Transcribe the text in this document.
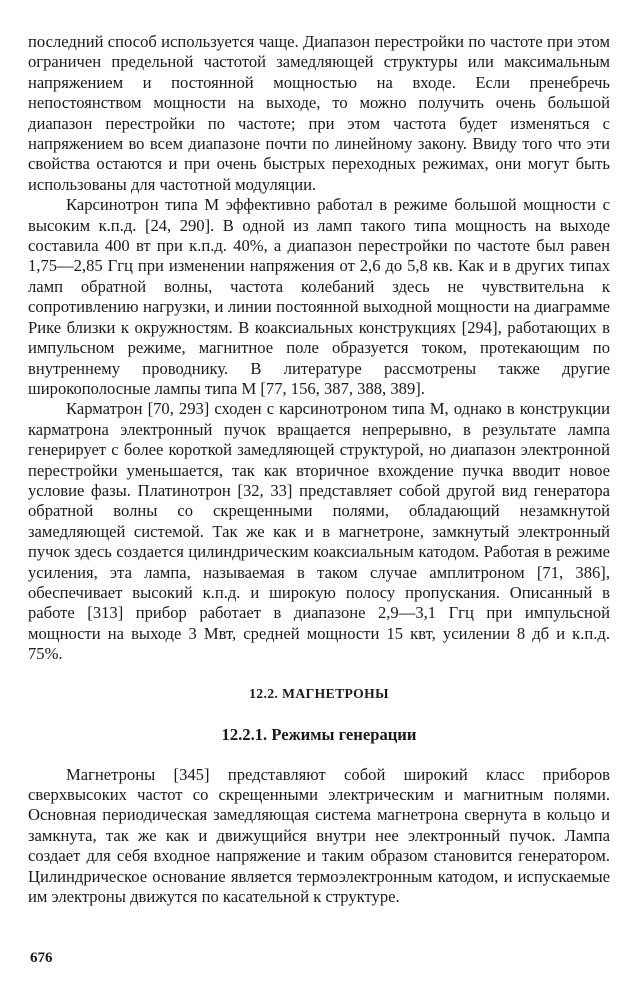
последний способ используется чаще. Диапазон перестройки по частоте при этом ограничен предельной частотой замедляющей структуры или максимальным напряжением и постоянной мощностью на входе. Если пренебречь непостоянством мощности на выходе, то можно получить очень большой диапазон перестройки по частоте; при этом частота будет изменяться с напряжением во всем диапазоне почти по линейному закону. Ввиду того что эти свойства остаются и при очень быстрых переходных режимах, они могут быть использованы для частотной модуляции.

Карсинотрон типа М эффективно работал в режиме большой мощности с высоким к.п.д. [24, 290]. В одной из ламп такого типа мощность на выходе составила 400 вт при к.п.д. 40%, а диапазон перестройки по частоте был равен 1,75—2,85 Ггц при изменении напряжения от 2,6 до 5,8 кв. Как и в других типах ламп обратной волны, частота колебаний здесь не чувствительна к сопротивлению нагрузки, и линии постоянной выходной мощности на диаграмме Рике близки к окружностям. В коаксиальных конструкциях [294], работающих в импульсном режиме, магнитное поле образуется током, протекающим по внутреннему проводнику. В литературе рассмотрены также другие широкополосные лампы типа М [77, 156, 387, 388, 389].

Карматрон [70, 293] сходен с карсинотроном типа М, однако в конструкции карматрона электронный пучок вращается непрерывно, в результате лампа генерирует с более короткой замедляющей структурой, но диапазон электронной перестройки уменьшается, так как вторичное вхождение пучка вводит новое условие фазы. Платинотрон [32, 33] представляет собой другой вид генератора обратной волны со скрещенными полями, обладающий незамкнутой замедляющей системой. Так же как и в магнетроне, замкнутый электронный пучок здесь создается цилиндрическим коаксиальным катодом. Работая в режиме усиления, эта лампа, называемая в таком случае амплитроном [71, 386], обеспечивает высокий к.п.д. и широкую полосу пропускания. Описанный в работе [313] прибор работает в диапазоне 2,9—3,1 Ггц при импульсной мощности на выходе 3 Мвт, средней мощности 15 квт, усилении 8 дб и к.п.д. 75%.

12.2. МАГНЕТРОНЫ
12.2.1. Режимы генерации

Магнетроны [345] представляют собой широкий класс приборов сверхвысоких частот со скрещенными электрическим и магнитным полями. Основная периодическая замедляющая система магнетрона свернута в кольцо и замкнута, так же как и движущийся внутри нее электронный пучок. Лампа создает для себя входное напряжение и таким образом становится генератором. Цилиндрическое основание является термоэлектронным катодом, и испускаемые им электроны движутся по касательной к структуре.

676
